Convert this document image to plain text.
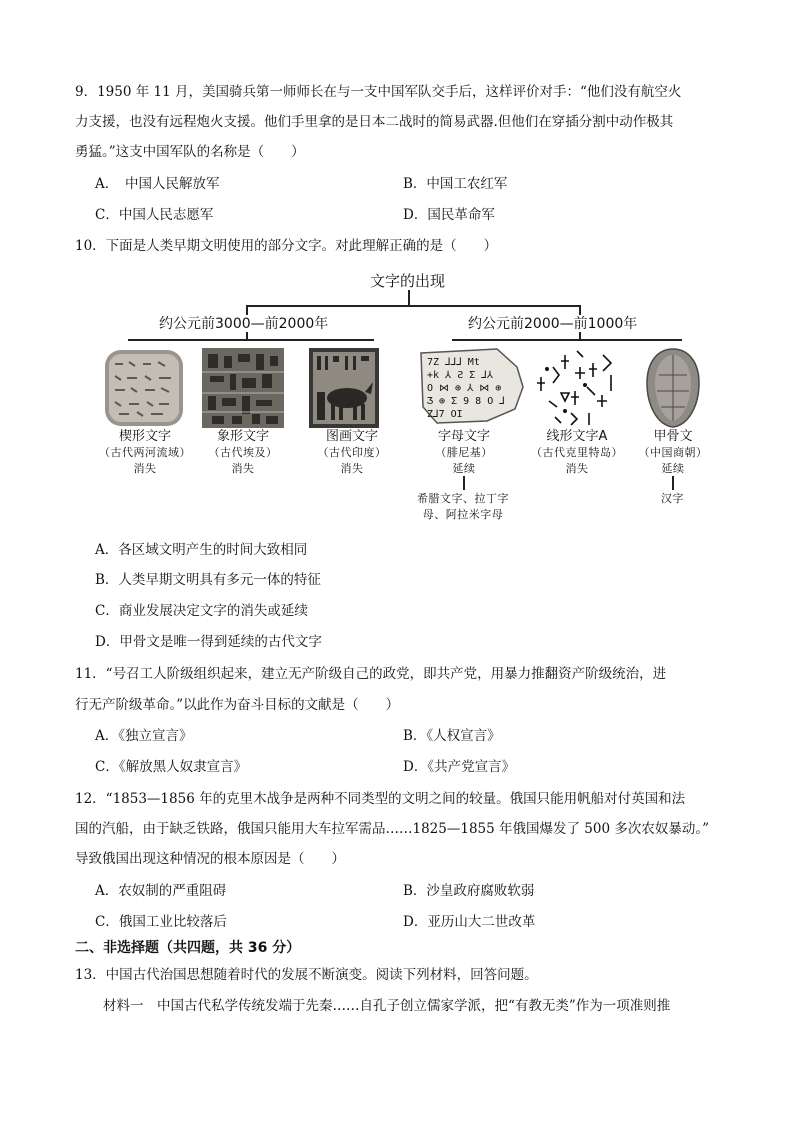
9．1950 年 11 月，美国骑兵第一师师长在与一支中国军队交手后，这样评价对手：“他们没有航空火
力支援，也没有远程炮火支援。他们手里拿的是日本二战时的简易武器.但他们在穿插分割中动作极其
勇猛。”这支中国军队的名称是（　　）
A．　中国人民解放军	B．中国工农红军
C．中国人民志愿军	D．国民革命军
10．下面是人类早期文明使用的部分文字。对此理解正确的是（　　）
文字的出现
约公元前3000—前2000年	约公元前2000—前1000年
7Z ⅃⅃⅃ Mt
+k ⅄ Ƨ Ʃ ⅃⅄
O ⋈ ⊕ ⅄ ⋈ ⊕
Ʒ ⊕ Ʃ 9 8 O ⅃
Z⅃7 OI
楔形文字
（古代两河流域）
消失
象形文字
（古代埃及）
消失
图画文字
（古代印度）
消失
字母文字
（腓尼基）
延续
线形文字A
（古代克里特岛）
消失
甲骨文
（中国商朝）
延续
希腊文字、拉丁字
母、阿拉米字母
汉字
A．各区域文明产生的时间大致相同
B．人类早期文明具有多元一体的特征
C．商业发展决定文字的消失或延续
D．甲骨文是唯一得到延续的古代文字
11．“号召工人阶级组织起来，建立无产阶级自己的政党，即共产党，用暴力推翻资产阶级统治，进
行无产阶级革命。”以此作为奋斗目标的文献是（　　）
A．《独立宣言》	B．《人权宣言》
C．《解放黑人奴隶宣言》	D．《共产党宣言》
12．“1853—1856 年的克里木战争是两种不同类型的文明之间的较量。俄国只能用帆船对付英国和法
国的汽船，由于缺乏铁路，俄国只能用大车拉军需品……1825—1855 年俄国爆发了 500 多次农奴暴动。”
导致俄国出现这种情况的根本原因是（　　）
A．农奴制的严重阻碍	B．沙皇政府腐败软弱
C．俄国工业比较落后	D．亚历山大二世改革
二、非选择题（共四题，共 36 分）
13．中国古代治国思想随着时代的发展不断演变。阅读下列材料，回答问题。
材料一　中国古代私学传统发端于先秦……自孔子创立儒家学派，把“有教无类”作为一项准则推
